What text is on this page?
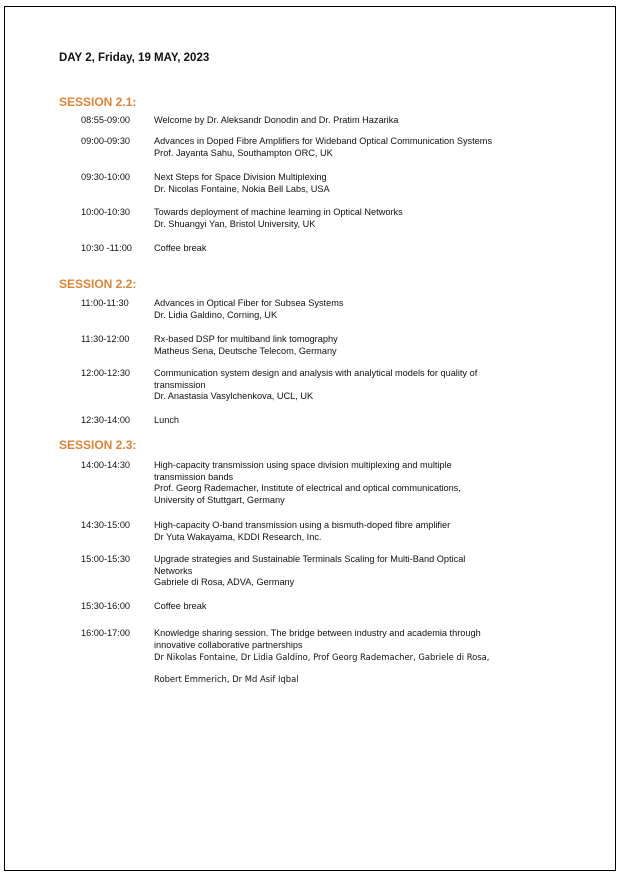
DAY 2, Friday, 19 MAY, 2023
SESSION 2.1:
08:55-09:00	Welcome by Dr. Aleksandr Donodin and Dr. Pratim Hazarika
09:00-09:30	Advances in Doped Fibre Amplifiers for Wideband Optical Communication Systems
Prof. Jayanta Sahu, Southampton ORC, UK
09:30-10:00	Next Steps for Space Division Multiplexing
Dr. Nicolas Fontaine, Nokia Bell Labs, USA
10:00-10:30	Towards deployment of machine learning in Optical Networks
Dr. Shuangyi Yan, Bristol University, UK
10:30 -11:00	Coffee break
SESSION 2.2:
11:00-11:30	Advances in Optical Fiber for Subsea Systems
Dr. Lidia Galdino, Corning, UK
11:30-12:00	Rx-based DSP for multiband link tomography
Matheus Sena, Deutsche Telecom, Germany
12:00-12:30	Communication system design and analysis with analytical models for quality of
transmission
Dr. Anastasia Vasylchenkova, UCL, UK
12:30-14:00	Lunch
SESSION 2.3:
14:00-14:30	High-capacity transmission using space division multiplexing and multiple
transmission bands
Prof. Georg Rademacher, Institute of electrical and optical communications,
University of Stuttgart, Germany
14:30-15:00	High-capacity O-band transmission using a bismuth-doped fibre amplifier
Dr Yuta Wakayama, KDDI Research, Inc.
15:00-15:30	Upgrade strategies and Sustainable Terminals Scaling for Multi-Band Optical
Networks
Gabriele di Rosa, ADVA, Germany
15:30-16:00	Coffee break
16:00-17:00	Knowledge sharing session. The bridge between industry and academia through
innovative collaborative partnerships
Dr Nikolas Fontaine, Dr Lidia Galdino, Prof Georg Rademacher, Gabriele di Rosa,
Robert Emmerich, Dr Md Asif Iqbal
